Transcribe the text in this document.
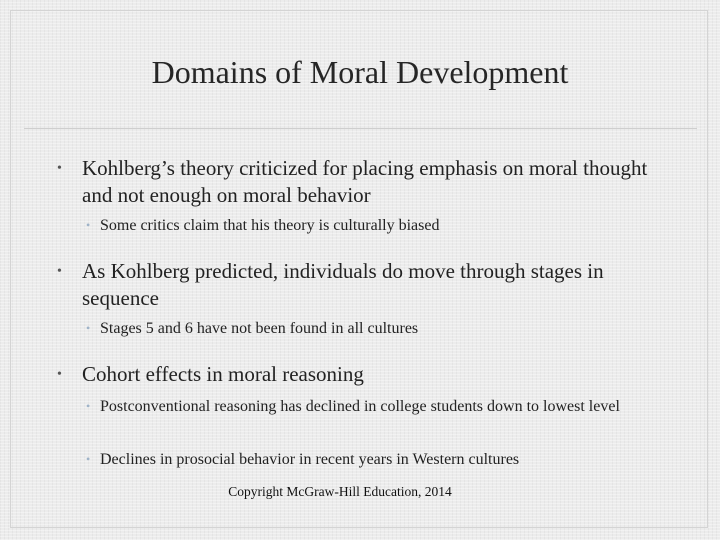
Domains of Moral Development
• Kohlberg’s theory criticized for placing emphasis on moral thought and not enough on moral behavior
• Some critics claim that his theory is culturally biased
• As Kohlberg predicted, individuals do move through stages in sequence
• Stages 5 and 6 have not been found in all cultures
• Cohort effects in moral reasoning
• Postconventional reasoning has declined in college students down to lowest level
• Declines in prosocial behavior in recent years in Western cultures
Copyright McGraw-Hill Education, 2014
